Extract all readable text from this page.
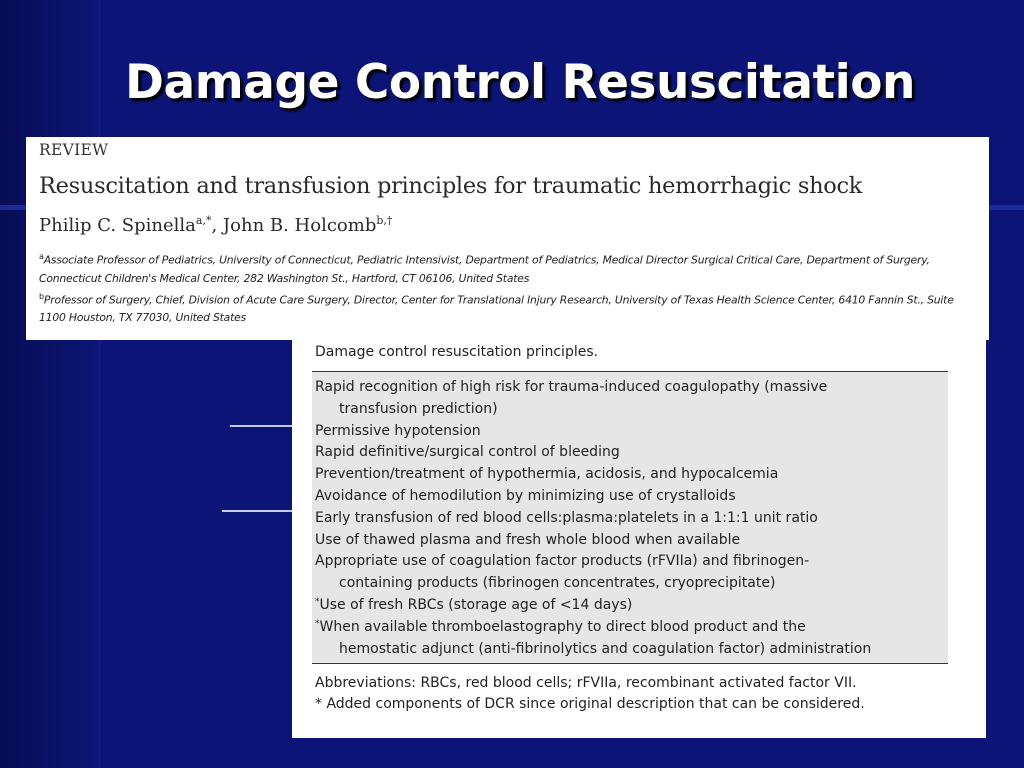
Damage Control Resuscitation
REVIEW
Resuscitation and transfusion principles for traumatic hemorrhagic shock
Philip C. Spinella$^{a,*}$, John B. Holcomb$^{b,\dagger}$
$^a$Associate Professor of Pediatrics, University of Connecticut, Pediatric Intensivist, Department of Pediatrics, Medical Director Surgical Critical Care, Department of Surgery,
Connecticut Children's Medical Center, 282 Washington St., Hartford, CT 06106, United States
$^b$Professor of Surgery, Chief, Division of Acute Care Surgery, Director, Center for Translational Injury Research, University of Texas Health Science Center, 6410 Fannin St., Suite
1100 Houston, TX 77030, United States
Damage control resuscitation principles.
Rapid recognition of high risk for trauma-induced coagulopathy (massive
transfusion prediction)
Permissive hypotension
Rapid definitive/surgical control of bleeding
Prevention/treatment of hypothermia, acidosis, and hypocalcemia
Avoidance of hemodilution by minimizing use of crystalloids
Early transfusion of red blood cells:plasma:platelets in a 1:1:1 unit ratio
Use of thawed plasma and fresh whole blood when available
Appropriate use of coagulation factor products (rFVIIa) and fibrinogen-
containing products (fibrinogen concentrates, cryoprecipitate)
*Use of fresh RBCs (storage age of <14 days)
*When available thromboelastography to direct blood product and the
hemostatic adjunct (anti-fibrinolytics and coagulation factor) administration
Abbreviations: RBCs, red blood cells; rFVIIa, recombinant activated factor VII.
* Added components of DCR since original description that can be considered.
